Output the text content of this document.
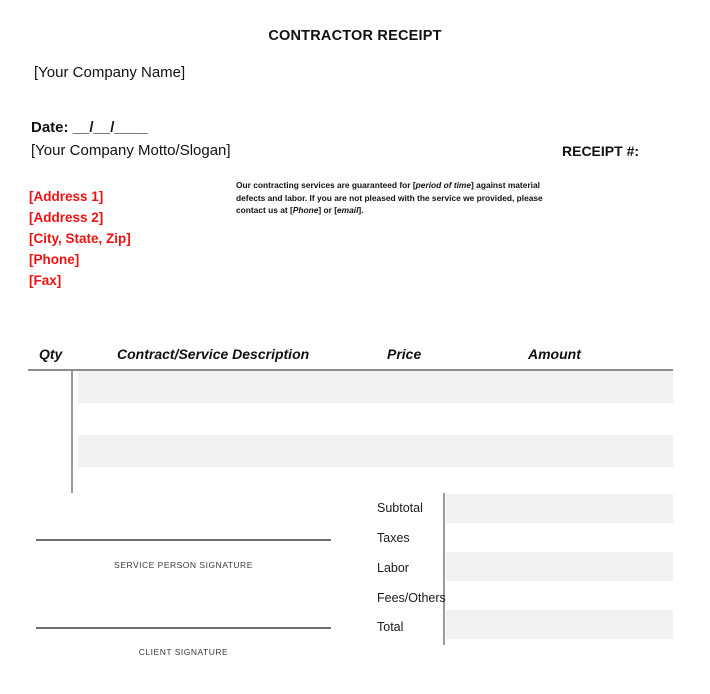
CONTRACTOR RECEIPT
[Your Company Name]
Date: __/__/____
[Your Company Motto/Slogan]	RECEIPT #:
[Address 1]
[Address 2]
[City, State, Zip]
[Phone]
[Fax]
Our contracting services are guaranteed for [period of time] against material defects and labor. If you are not pleased with the service we provided, please contact us at [Phone] or [email].
Qty	Contract/Service Description	Price	Amount
Subtotal
Taxes
Labor
Fees/Others
Total
SERVICE PERSON SIGNATURE
CLIENT SIGNATURE
